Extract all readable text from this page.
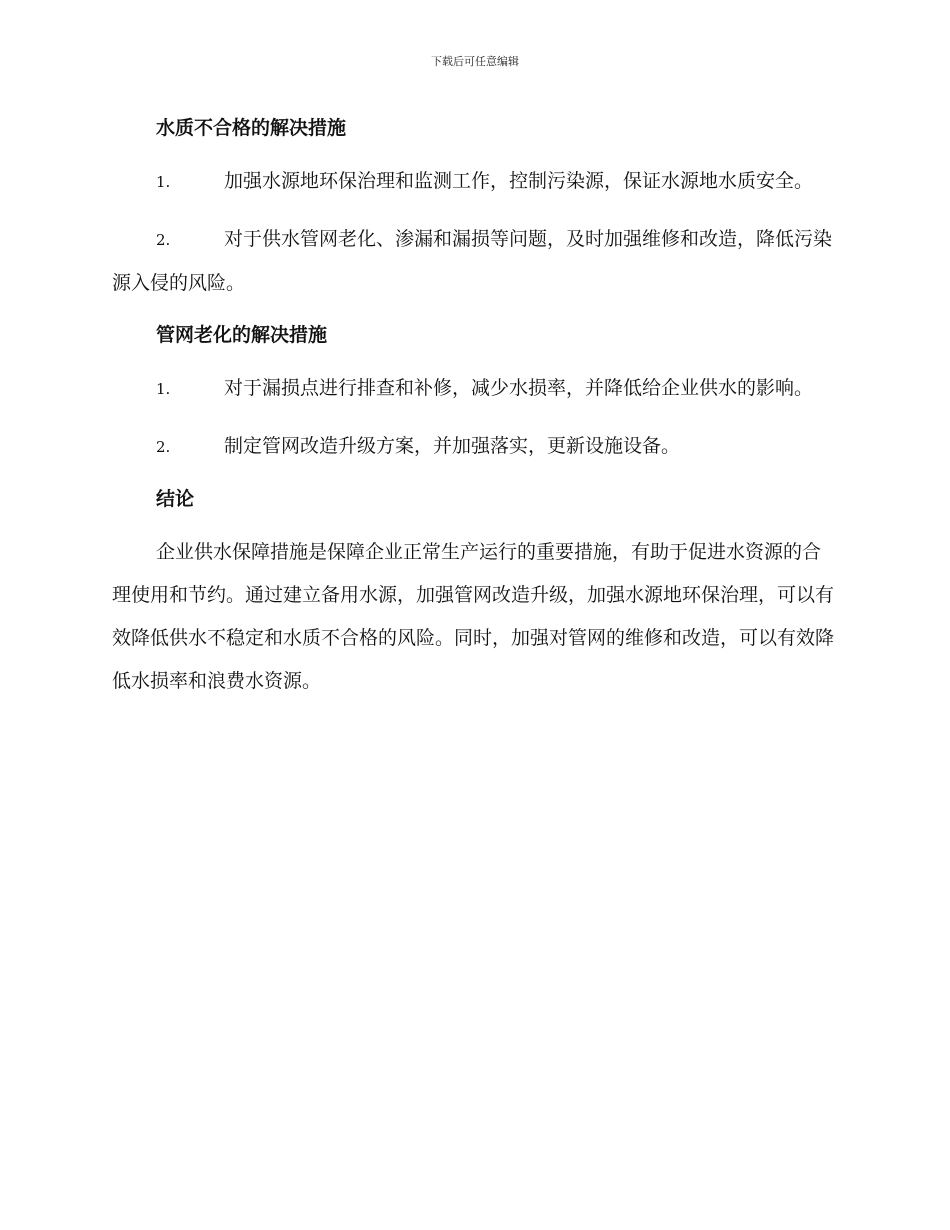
下载后可任意编辑
水质不合格的解决措施

1.	加强水源地环保治理和监测工作，控制污染源，保证水源地水质安全。

2.	对于供水管网老化、渗漏和漏损等问题，及时加强维修和改造，降低污染源入侵的风险。

管网老化的解决措施

1.	对于漏损点进行排查和补修，减少水损率，并降低给企业供水的影响。

2.	制定管网改造升级方案，并加强落实，更新设施设备。

结论

企业供水保障措施是保障企业正常生产运行的重要措施，有助于促进水资源的合理使用和节约。通过建立备用水源，加强管网改造升级，加强水源地环保治理，可以有效降低供水不稳定和水质不合格的风险。同时，加强对管网的维修和改造，可以有效降低水损率和浪费水资源。
